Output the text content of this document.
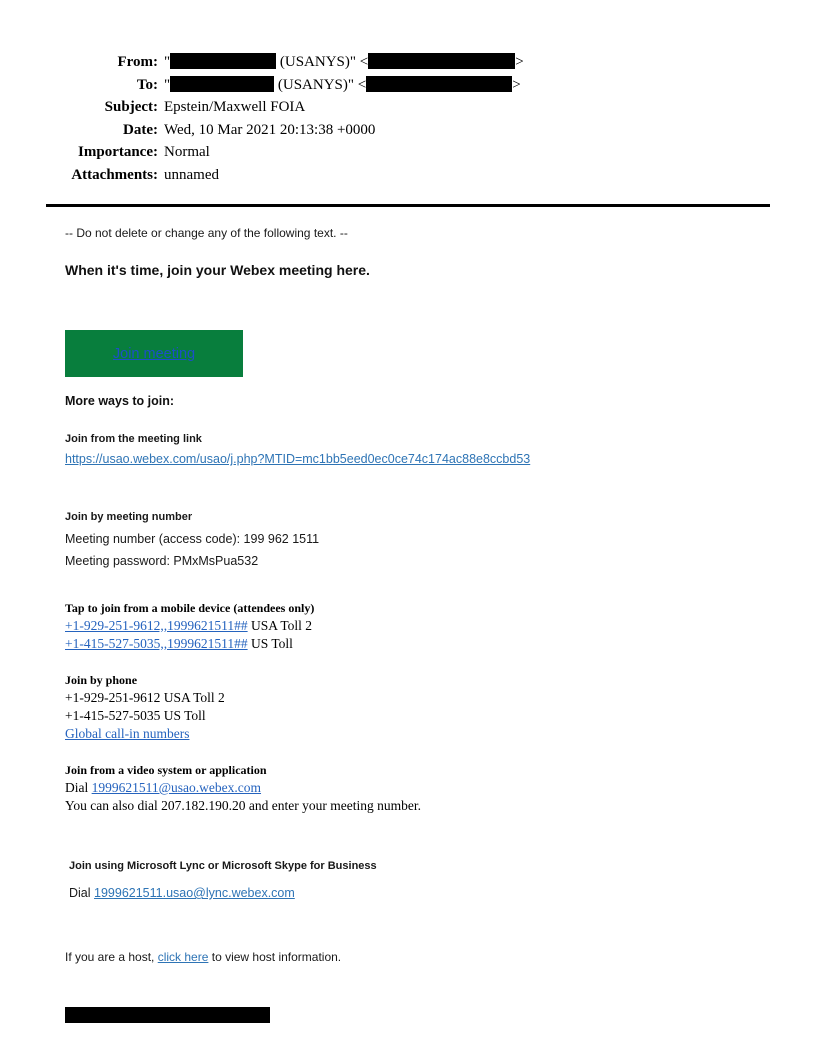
From: "	(USANYS)" <	>
To: "	(USANYS)" <	>
Subject: Epstein/Maxwell FOIA
Date: Wed, 10 Mar 2021 20:13:38 +0000
Importance: Normal
Attachments: unnamed
-- Do not delete or change any of the following text. --
When it's time, join your Webex meeting here.
Join meeting
More ways to join:
Join from the meeting link
https://usao.webex.com/usao/j.php?MTID=mc1bb5eed0ec0ce74c174ac88e8ccbd53
Join by meeting number
Meeting number (access code): 199 962 1511
Meeting password: PMxMsPua532
Tap to join from a mobile device (attendees only)
+1-929-251-9612,,1999621511## USA Toll 2
+1-415-527-5035,,1999621511## US Toll
Join by phone
+1-929-251-9612 USA Toll 2
+1-415-527-5035 US Toll
Global call-in numbers
Join from a video system or application
Dial 1999621511@usao.webex.com
You can also dial 207.182.190.20 and enter your meeting number.
Join using Microsoft Lync or Microsoft Skype for Business
Dial 1999621511.usao@lync.webex.com
If you are a host, click here to view host information.
